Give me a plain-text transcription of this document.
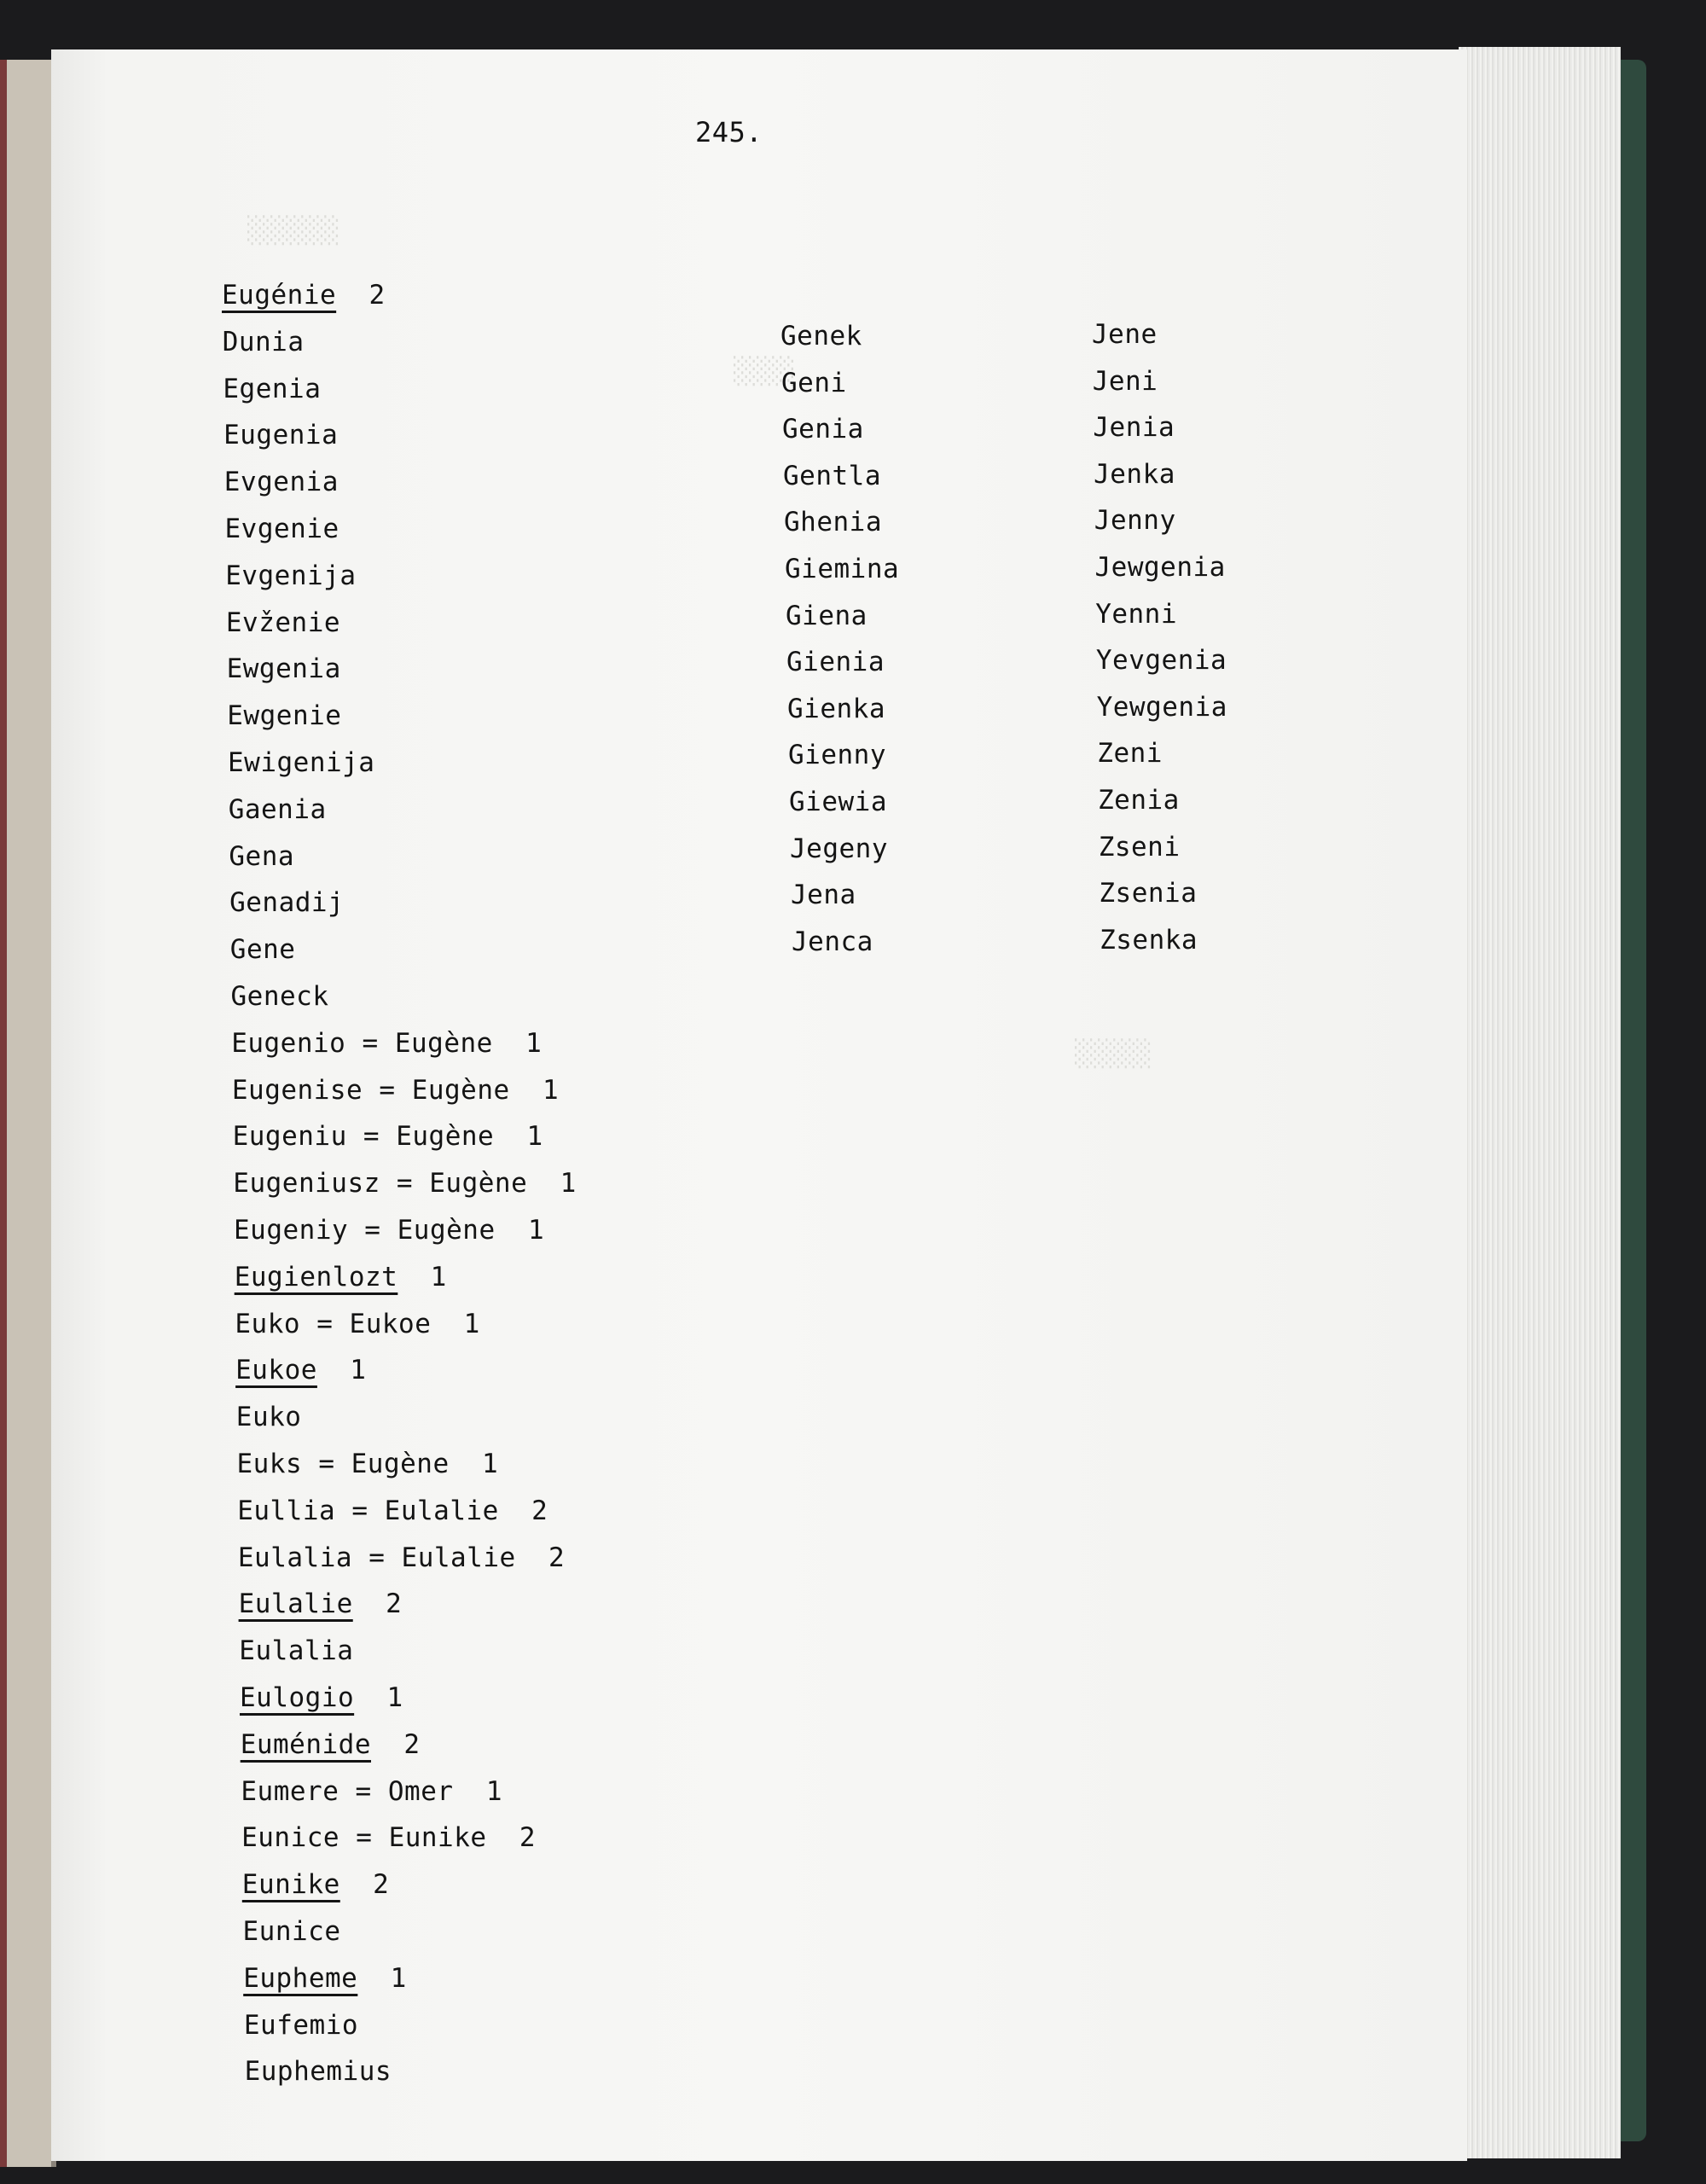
░░░░░░
░░░░
░░░░░
245.
Eugénie  2
Dunia
Egenia
Eugenia
Evgenia
Evgenie
Evgenija
Evženie
Ewgenia
Ewgenie
Ewigenija
Gaenia
Gena
Genadij
Gene
Geneck
Eugenio = Eugène  1
Eugenise = Eugène  1
Eugeniu = Eugène  1
Eugeniusz = Eugène  1
Eugeniy = Eugène  1
Eugienlozt  1
Euko = Eukoe  1
Eukoe  1
Euko
Euks = Eugène  1
Eullia = Eulalie  2
Eulalia = Eulalie  2
Eulalie  2
Eulalia
Eulogio  1
Euménide  2
Eumere = Omer  1
Eunice = Eunike  2
Eunike  2
Eunice
Eupheme  1
Eufemio
Euphemius
Genek
Geni
Genia
Gentla
Ghenia
Giemina
Giena
Gienia
Gienka
Gienny
Giewia
Jegeny
Jena
Jenca
Jene
Jeni
Jenia
Jenka
Jenny
Jewgenia
Yenni
Yevgenia
Yewgenia
Zeni
Zenia
Zseni
Zsenia
Zsenka
